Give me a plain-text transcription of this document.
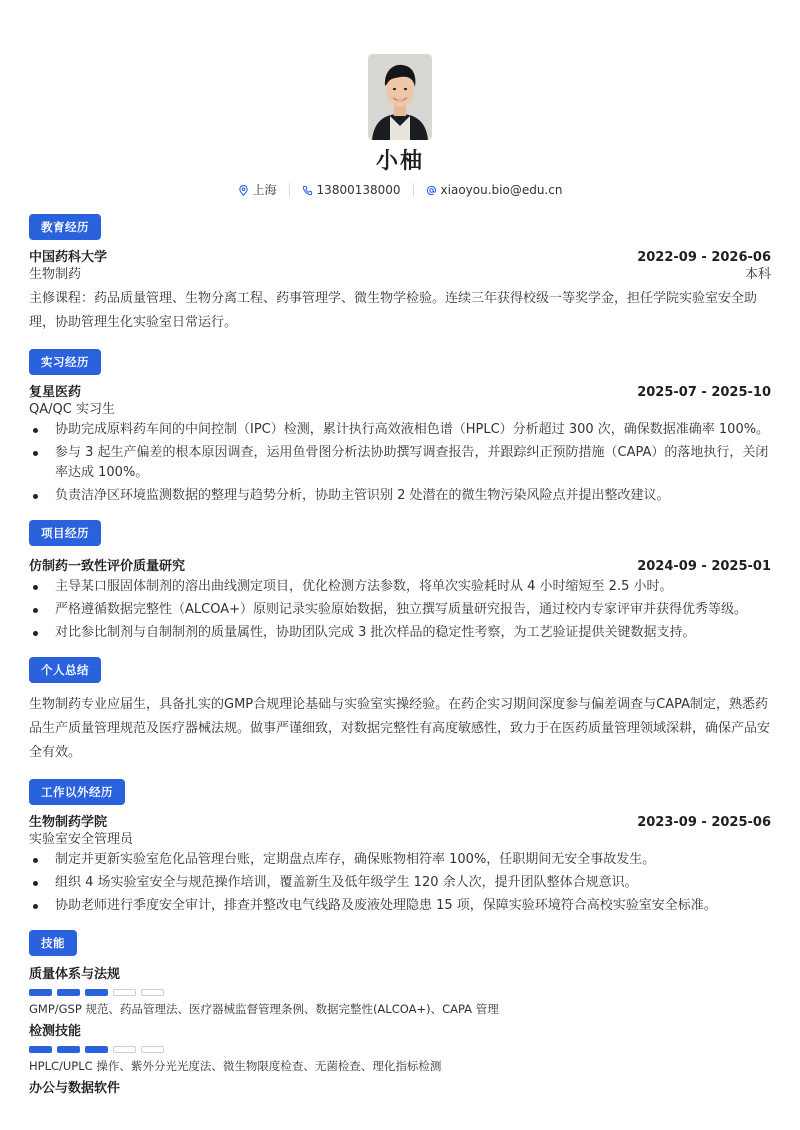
小柚
上海	13800138000	xiaoyou.bio@edu.cn
教育经历
中国药科大学	2022-09 - 2026-06
生物制药	本科
主修课程：药品质量管理、生物分离工程、药事管理学、微生物学检验。连续三年获得校级一等奖学金，担任学院实验室安全助理，协助管理生化实验室日常运行。
实习经历
复星医药	2025-07 - 2025-10
QA/QC 实习生
协助完成原料药车间的中间控制（IPC）检测，累计执行高效液相色谱（HPLC）分析超过 300 次，确保数据准确率 100%。
参与 3 起生产偏差的根本原因调查，运用鱼骨图分析法协助撰写调查报告，并跟踪纠正预防措施（CAPA）的落地执行，关闭率达成 100%。
负责洁净区环境监测数据的整理与趋势分析，协助主管识别 2 处潜在的微生物污染风险点并提出整改建议。
项目经历
仿制药一致性评价质量研究	2024-09 - 2025-01
主导某口服固体制剂的溶出曲线测定项目，优化检测方法参数，将单次实验耗时从 4 小时缩短至 2.5 小时。
严格遵循数据完整性（ALCOA+）原则记录实验原始数据，独立撰写质量研究报告，通过校内专家评审并获得优秀等级。
对比参比制剂与自制制剂的质量属性，协助团队完成 3 批次样品的稳定性考察，为工艺验证提供关键数据支持。
个人总结
生物制药专业应届生，具备扎实的GMP合规理论基础与实验室实操经验。在药企实习期间深度参与偏差调查与CAPA制定，熟悉药品生产质量管理规范及医疗器械法规。做事严谨细致，对数据完整性有高度敏感性，致力于在医药质量管理领域深耕，确保产品安全有效。
工作以外经历
生物制药学院	2023-09 - 2025-06
实验室安全管理员
制定并更新实验室危化品管理台账，定期盘点库存，确保账物相符率 100%，任职期间无安全事故发生。
组织 4 场实验室安全与规范操作培训，覆盖新生及低年级学生 120 余人次，提升团队整体合规意识。
协助老师进行季度安全审计，排查并整改电气线路及废液处理隐患 15 项，保障实验环境符合高校实验室安全标准。
技能
质量体系与法规
GMP/GSP 规范、药品管理法、医疗器械监督管理条例、数据完整性(ALCOA+)、CAPA 管理
检测技能
HPLC/UPLC 操作、紫外分光光度法、微生物限度检查、无菌检查、理化指标检测
办公与数据软件
